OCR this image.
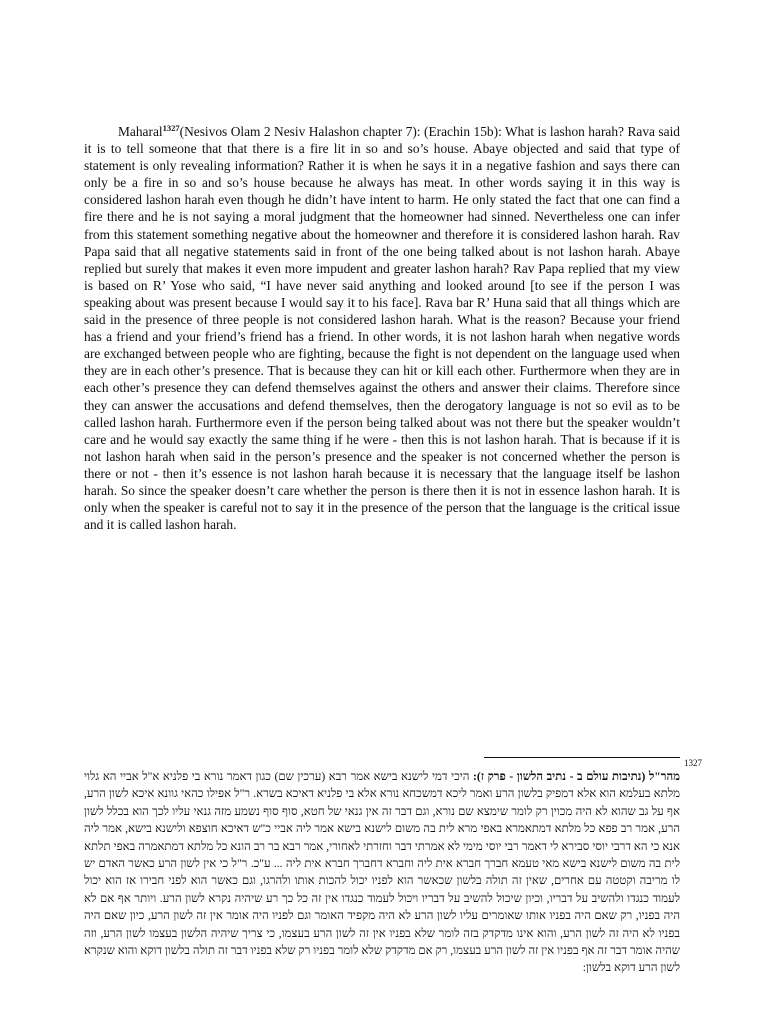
Maharal$^{1327}$(Nesivos Olam 2 Nesiv Halashon chapter 7): (Erachin 15b): What is lashon harah? Rava said it is to tell someone that that there is a fire lit in so and so’s house. Abaye objected and said that type of statement is only revealing information? Rather it is when he says it in a negative fashion and says there can only be a fire in so and so’s house because he always has meat. In other words saying it in this way is considered lashon harah even though he didn’t have intent to harm. He only stated the fact that one can find a fire there and he is not saying a moral judgment that the homeowner had sinned. Nevertheless one can infer from this statement something negative about the homeowner and therefore it is considered lashon harah. Rav Papa said that all negative statements said in front of the one being talked about is not lashon harah. Abaye replied but surely that makes it even more impudent and greater lashon harah? Rav Papa replied that my view is based on R’ Yose who said, “I have never said anything and looked around [to see if the person I was speaking about was present because I would say it to his face]. Rava bar R’ Huna said that all things which are said in the presence of three people is not considered lashon harah. What is the reason? Because your friend has a friend and your friend’s friend has a friend. In other words, it is not lashon harah when negative words are exchanged between people who are fighting, because the fight is not dependent on the language used when they are in each other’s presence. That is because they can hit or kill each other. Furthermore when they are in each other’s presence they can defend themselves against the others and answer their claims. Therefore since they can answer the accusations and defend themselves, then the derogatory language is not so evil as to be called lashon harah. Furthermore even if the person being talked about was not there but the speaker wouldn’t care and he would say exactly the same thing if he were - then this is not lashon harah. That is because if it is not lashon harah when said in the person’s presence and the speaker is not concerned whether the person is there or not - then it’s essence is not lashon harah because it is necessary that the language itself be lashon harah. So since the speaker doesn’t care whether the person is there then it is not in essence lashon harah. It is only when the speaker is careful not to say it in the presence of the person that the language is the critical issue and it is called lashon harah.

1327

מהר"ל (נתיבות עולם ב - נתיב הלשון - פרק ז): היכי דמי לישנא בישא אמר רבא (ערכין שם) כגון דאמר נורא בי פלניא א"ל אביי הא גלוי מלתא בעלמא הוא אלא דמפיק בלשון הרע ואמר ליכא דמשכחא נורא אלא בי פלניא דאיכא בשרא. ר"ל אפילו כהאי גוונא איכא לשון הרע, אף על גב שהוא לא היה מכוין רק לומר שימצא שם נורא, וגם דבר זה אין גנאי של חטא, סוף סוף נשמע מזה גנאי עליו לכך הוא בכלל לשון הרע, אמר רב פפא כל מלתא דמתאמרא באפי מרא לית בה משום לישנא בישא אמר ליה אביי כ"ש דאיכא חוצפא ולישנא בישא, אמר ליה אנא כי הא דרבי יוסי סבירא לי דאמר רבי יוסי מימי לא אמרתי דבר וחזרתי לאחורי, אמר רבא בר רב הונא כל מלתא דמתאמרה באפי תלתא לית בה משום לישנא בישא מאי טעמא חברך חברא אית ליה וחברא דחברך חברא אית ליה ... ע"כ. ר"ל כי אין לשון הרע כאשר האדם יש לו מריבה וקטטה עם אחרים, שאין זה תולה בלשון שכאשר הוא לפניו יכול להכות אותו ולהרגו, וגם כאשר הוא לפני חבירו אז הוא יכול לעמוד כנגדו ולהשיב על דבריו, וכיון שיכול להשיב על דבריו ויכול לעמוד כנגדו אין זה כל כך רע שיהיה נקרא לשון הרע. ויותר אף אם לא היה בפניו, רק שאם היה בפניו אותו שאומרים עליו לשון הרע לא היה מקפיד האומר וגם לפניו היה אומר אין זה לשון הרע, כיון שאם היה בפניו לא היה זה לשון הרע, והוא אינו מדקדק בזה לומר שלא בפניו אין זה לשון הרע בעצמו, כי צריך שיהיה הלשון בעצמו לשון הרע, וזה שהיה אומר דבר זה אף בפניו אין זה לשון הרע בעצמו, רק אם מדקדק שלא לומר בפניו רק שלא בפניו דבר זה תולה בלשון דוקא והוא שנקרא לשון הרע דוקא בלשון:
